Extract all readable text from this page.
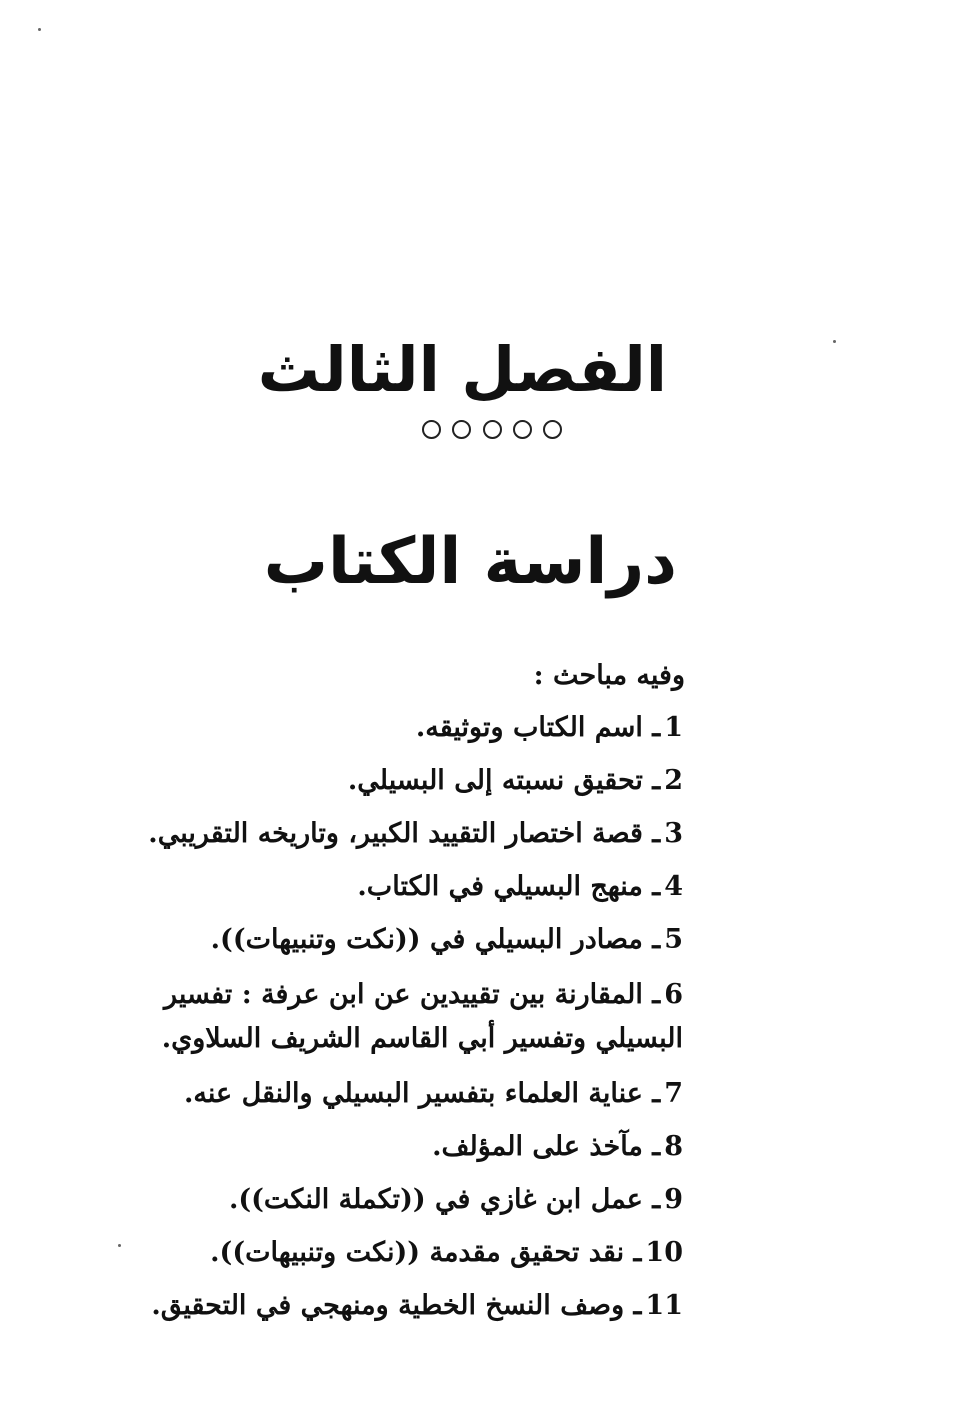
الفصل الثالث
دراسة الكتاب
وفيه مباحث :
1ـ اسم الكتاب وتوثيقه.
2ـ تحقيق نسبته إلى البسيلي.
3ـ قصة اختصار التقييد الكبير، وتاريخه التقريبي.
4ـ منهج البسيلي في الكتاب.
5ـ مصادر البسيلي في ((نكت وتنبيهات)).
6ـ المقارنة بين تقييدين عن ابن عرفة : تفسير البسيلي وتفسير أبي القاسم الشريف السلاوي.
7ـ عناية العلماء بتفسير البسيلي والنقل عنه.
8ـ مآخذ على المؤلف.
9ـ عمل ابن غازي في ((تكملة النكت)).
10ـ نقد تحقيق مقدمة ((نكت وتنبيهات)).
11ـ وصف النسخ الخطية ومنهجي في التحقيق.
